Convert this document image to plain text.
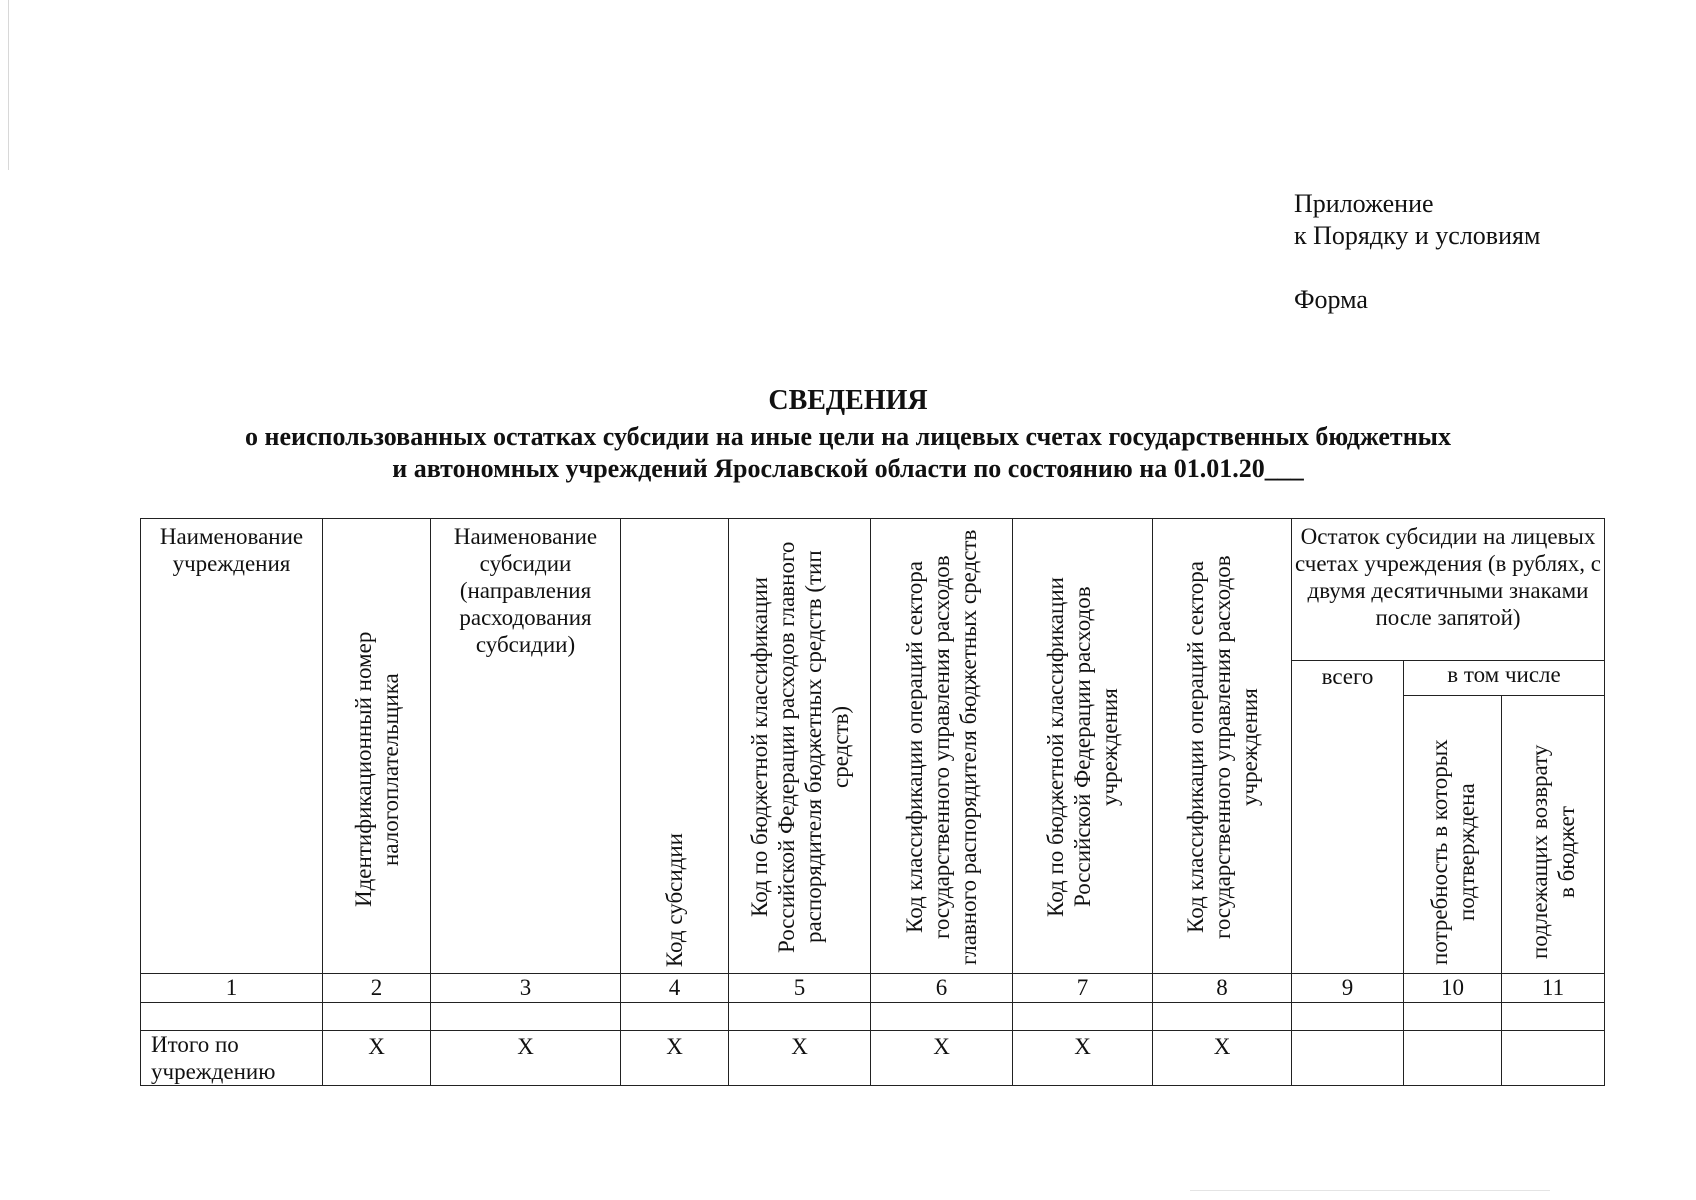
Приложение
к Порядку и условиям
Форма
СВЕДЕНИЯ
о неиспользованных остатках субсидии на иные цели на лицевых счетах государственных бюджетных
и автономных учреждений Ярославской области по состоянию на 01.01.20___
Наименование учреждения	Идентификационный номер налогоплательщика	Наименование субсидии (направления расходования субсидии)	Код субсидии	Код по бюджетной классификации Российской Федерации расходов главного распорядителя бюджетных средств (тип средств)	Код классификации операций сектора государственного управления расходов главного распорядителя бюджетных средств	Код по бюджетной классификации Российской Федерации расходов учреждения	Код классификации операций сектора государственного управления расходов учреждения	Остаток субсидии на лицевых счетах учреждения (в рублях, с двумя десятичными знаками после запятой)		

								всего	в том числе	

									потребность в которых подтверждена	подлежащих возврату в бюджет

1	2	3	4	5	6	7	8	9	10	11

Итого по учреждению	X	X	X	X	X	X	X			
